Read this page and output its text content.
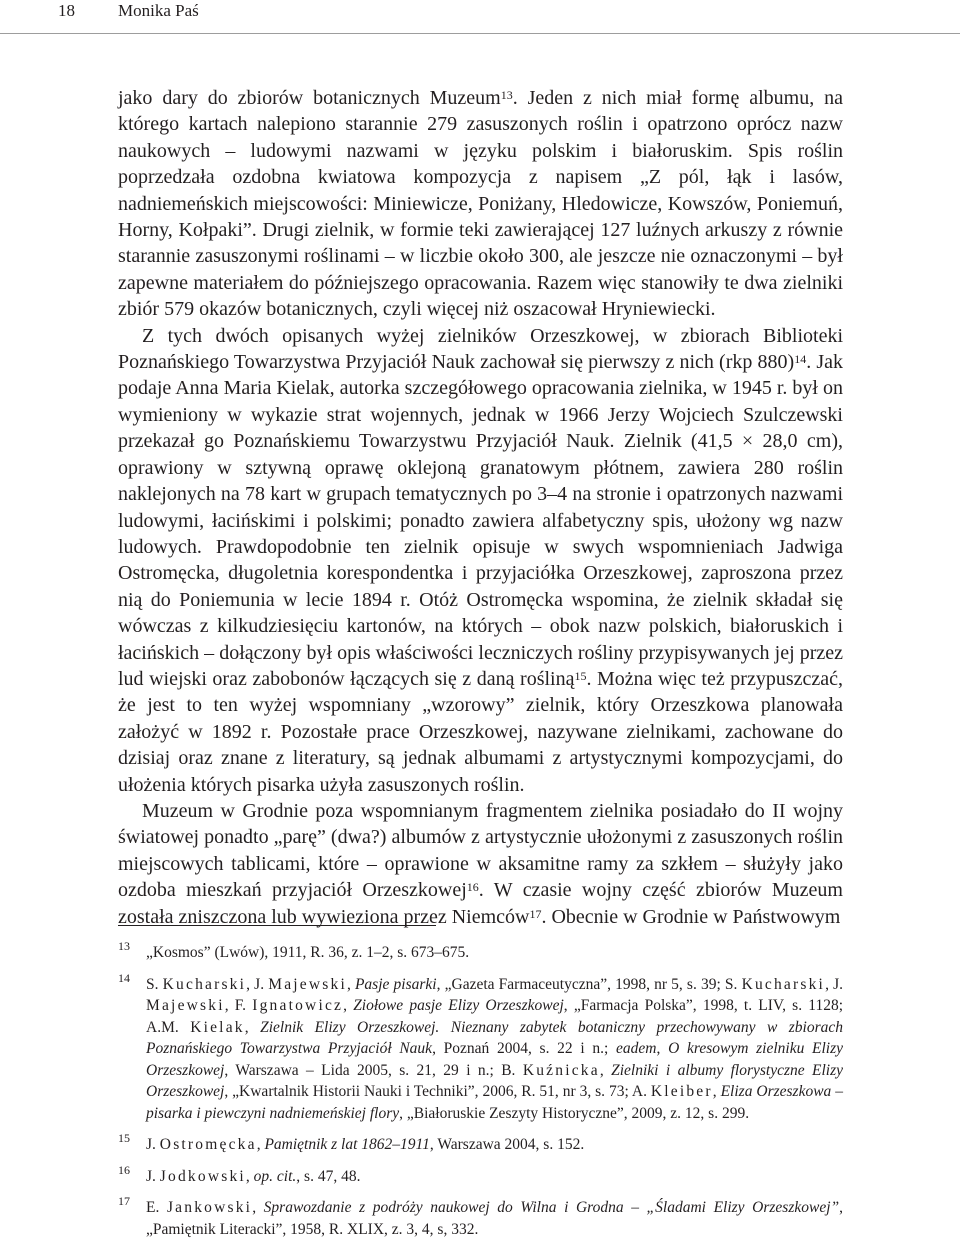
18	Monika Paś

jako dary do zbiorów botanicznych Muzeum$^{13}$. Jeden z nich miał formę albumu, na którego kartach nalepiono starannie 279 zasuszonych roślin i opatrzono oprócz nazw naukowych – ludowymi nazwami w języku polskim i białoruskim. Spis roślin poprzedzała ozdobna kwiatowa kompozycja z napisem „Z pól, łąk i lasów, nadniemeńskich miejscowości: Miniewicze, Poniżany, Hledowicze, Kowszów, Poniemuń, Horny, Kołpaki”. Drugi zielnik, w formie teki zawierającej 127 luźnych arkuszy z równie starannie zasuszonymi roślinami – w liczbie około 300, ale jeszcze nie oznaczonymi – był zapewne materiałem do późniejszego opracowania. Razem więc stanowiły te dwa zielniki zbiór 579 okazów botanicznych, czyli więcej niż oszacował Hryniewiecki.

Z tych dwóch opisanych wyżej zielników Orzeszkowej, w zbiorach Biblioteki Poznańskiego Towarzystwa Przyjaciół Nauk zachował się pierwszy z nich (rkp 880)$^{14}$. Jak podaje Anna Maria Kielak, autorka szczegółowego opracowania zielnika, w 1945 r. był on wymieniony w wykazie strat wojennych, jednak w 1966 Jerzy Wojciech Szulczewski przekazał go Poznańskiemu Towarzystwu Przyjaciół Nauk. Zielnik (41,5 × 28,0 cm), oprawiony w sztywną oprawę oklejoną granatowym płótnem, zawiera 280 roślin naklejonych na 78 kart w grupach tematycznych po 3–4 na stronie i opatrzonych nazwami ludowymi, łacińskimi i polskimi; ponadto zawiera alfabetyczny spis, ułożony wg nazw ludowych. Prawdopodobnie ten zielnik opisuje w swych wspomnieniach Jadwiga Ostromęcka, długoletnia korespondentka i przyjaciółka Orzeszkowej, zaproszona przez nią do Poniemunia w lecie 1894 r. Otóż Ostromęcka wspomina, że zielnik składał się wówczas z kilkudziesięciu kartonów, na których – obok nazw polskich, białoruskich i łacińskich – dołączony był opis właściwości leczniczych rośliny przypisywanych jej przez lud wiejski oraz zabobonów łączących się z daną rośliną$^{15}$. Można więc też przypuszczać, że jest to ten wyżej wspomniany „wzorowy” zielnik, który Orzeszkowa planowała założyć w 1892 r. Pozostałe prace Orzeszkowej, nazywane zielnikami, zachowane do dzisiaj oraz znane z literatury, są jednak albumami z artystycznymi kompozycjami, do ułożenia których pisarka użyła zasuszonych roślin.

Muzeum w Grodnie poza wspomnianym fragmentem zielnika posiadało do II wojny światowej ponadto „parę” (dwa?) albumów z artystycznie ułożonymi z zasuszonych roślin miejscowych tablicami, które – oprawione w aksamitne ramy za szkłem – służyły jako ozdoba mieszkań przyjaciół Orzeszkowej$^{16}$. W czasie wojny część zbiorów Muzeum została zniszczona lub wywieziona przez Niemców$^{17}$. Obecnie w Grodnie w Państwowym

13 „Kosmos” (Lwów), 1911, R. 36, z. 1–2, s. 673–675.
14 S. Kucharski, J. Majewski, Pasje pisarki, „Gazeta Farmaceutyczna”, 1998, nr 5, s. 39; S. Kucharski, J. Majewski, F. Ignatowicz, Ziołowe pasje Elizy Orzeszkowej, „Farmacja Polska”, 1998, t. LIV, s. 1128; A.M. Kielak, Zielnik Elizy Orzeszkowej. Nieznany zabytek botaniczny przechowywany w zbiorach Poznańskiego Towarzystwa Przyjaciół Nauk, Poznań 2004, s. 22 i n.; eadem, O kresowym zielniku Elizy Orzeszkowej, Warszawa – Lida 2005, s. 21, 29 i n.; B. Kuźnicka, Zielniki i albumy florystyczne Elizy Orzeszkowej, „Kwartalnik Historii Nauki i Techniki”, 2006, R. 51, nr 3, s. 73; A. Kleiber, Eliza Orzeszkowa – pisarka i piewczyni nadniemeńskiej flory, „Białoruskie Zeszyty Historyczne”, 2009, z. 12, s. 299.
15 J. Ostromęcka, Pamiętnik z lat 1862–1911, Warszawa 2004, s. 152.
16 J. Jodkowski, op. cit., s. 47, 48.
17 E. Jankowski, Sprawozdanie z podróży naukowej do Wilna i Grodna – „Śladami Elizy Orzeszkowej”, „Pamiętnik Literacki”, 1958, R. XLIX, z. 3, 4, s, 332.
